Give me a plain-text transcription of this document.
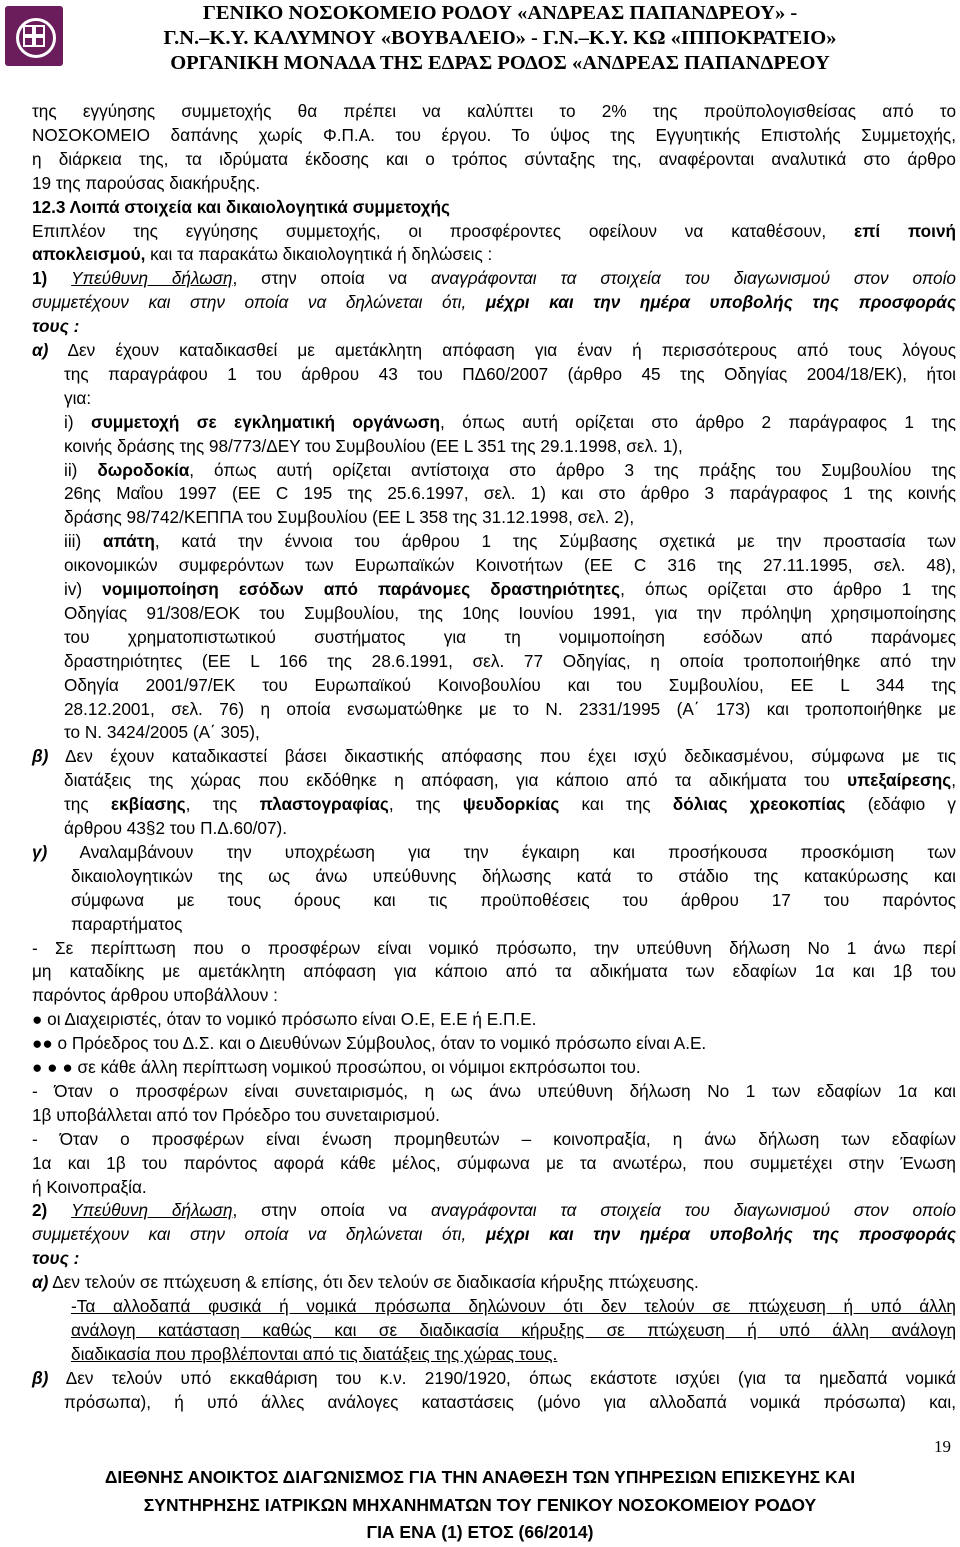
ΓΕΝΙΚΟ ΝΟΣΟΚΟΜΕΙΟ ΡΟΔΟΥ «ΑΝΔΡΕΑΣ ΠΑΠΑΝΔΡΕΟΥ» -
Γ.Ν.–Κ.Υ. ΚΑΛΥΜΝΟΥ «ΒΟΥΒΑΛΕΙΟ» - Γ.Ν.–Κ.Υ. ΚΩ «ΙΠΠΟΚΡΑΤΕΙΟ»
ΟΡΓΑΝΙΚΗ ΜΟΝΑΔΑ ΤΗΣ ΕΔΡΑΣ ΡΟΔΟΣ «ΑΝΔΡΕΑΣ ΠΑΠΑΝΔΡΕΟΥ
της εγγύησης συμμετοχής θα πρέπει να καλύπτει το 2% της προϋπολογισθείσας από το
ΝΟΣΟΚΟΜΕΙΟ δαπάνης χωρίς Φ.Π.Α. του έργου. Το ύψος της Εγγυητικής Επιστολής Συμμετοχής,
η διάρκεια της, τα ιδρύματα έκδοσης και ο τρόπος σύνταξης της, αναφέρονται αναλυτικά στο άρθρο
19 της παρούσας διακήρυξης.
12.3 Λοιπά στοιχεία και δικαιολογητικά συμμετοχής
Επιπλέον της εγγύησης συμμετοχής, οι προσφέροντες οφείλουν να καταθέσουν, επί ποινή
αποκλεισμού, και τα παρακάτω δικαιολογητικά ή δηλώσεις :
1) Υπεύθυνη δήλωση, στην οποία να αναγράφονται τα στοιχεία του διαγωνισμού στον οποίο
συμμετέχουν και στην οποία να δηλώνεται ότι, μέχρι και την ημέρα υποβολής της προσφοράς
τους :
α) Δεν έχουν καταδικασθεί με αμετάκλητη απόφαση για έναν ή περισσότερους από τους λόγους
της παραγράφου 1 του άρθρου 43 του ΠΔ60/2007 (άρθρο 45 της Οδηγίας 2004/18/ΕΚ), ήτοι
για:
i) συμμετοχή σε εγκληματική οργάνωση, όπως αυτή ορίζεται στο άρθρο 2 παράγραφος 1 της
κοινής δράσης της 98/773/ΔΕΥ του Συμβουλίου (ΕΕ L 351 της 29.1.1998, σελ. 1),
ii) δωροδοκία, όπως αυτή ορίζεται αντίστοιχα στο άρθρο 3 της πράξης του Συμβουλίου της
26ης Μαΐου 1997 (ΕΕ C 195 της 25.6.1997, σελ. 1) και στο άρθρο 3 παράγραφος 1 της κοινής
δράσης 98/742/ΚΕΠΠΑ του Συμβουλίου (ΕΕ L 358 της 31.12.1998, σελ. 2),
iii) απάτη, κατά την έννοια του άρθρου 1 της Σύμβασης σχετικά με την προστασία των
οικονομικών συμφερόντων των Ευρωπαϊκών Κοινοτήτων (ΕΕ C 316 της 27.11.1995, σελ. 48),
iv) νομιμοποίηση εσόδων από παράνομες δραστηριότητες, όπως ορίζεται στο άρθρο 1 της
Οδηγίας 91/308/ΕΟΚ του Συμβουλίου, της 10ης Ιουνίου 1991, για την πρόληψη χρησιμοποίησης
του χρηματοπιστωτικού συστήματος για τη νομιμοποίηση εσόδων από παράνομες
δραστηριότητες (ΕΕ L 166 της 28.6.1991, σελ. 77 Οδηγίας, η οποία τροποποιήθηκε από την
Οδηγία 2001/97/ΕΚ του Ευρωπαϊκού Κοινοβουλίου και του Συμβουλίου, ΕΕ L 344 της
28.12.2001, σελ. 76) η οποία ενσωματώθηκε με το Ν. 2331/1995 (Α΄ 173) και τροποποιήθηκε με
το Ν. 3424/2005 (Α΄ 305),
β) Δεν έχουν καταδικαστεί βάσει δικαστικής απόφασης που έχει ισχύ δεδικασμένου, σύμφωνα με τις
διατάξεις της χώρας που εκδόθηκε η απόφαση, για κάποιο από τα αδικήματα του υπεξαίρεσης,
της εκβίασης, της πλαστογραφίας, της ψευδορκίας και της δόλιας χρεοκοπίας (εδάφιο γ
άρθρου 43§2 του Π.Δ.60/07).
γ) Αναλαμβάνουν την υποχρέωση για την έγκαιρη και προσήκουσα προσκόμιση των
δικαιολογητικών της ως άνω υπεύθυνης δήλωσης κατά το στάδιο της κατακύρωσης και
σύμφωνα με τους όρους και τις προϋποθέσεις του άρθρου 17 του παρόντος
παραρτήματος
- Σε περίπτωση που ο προσφέρων είναι νομικό πρόσωπο, την υπεύθυνη δήλωση Νο 1 άνω περί
μη καταδίκης με αμετάκλητη απόφαση για κάποιο από τα αδικήματα των εδαφίων 1α και 1β του
παρόντος άρθρου υποβάλλουν :
● οι Διαχειριστές, όταν το νομικό πρόσωπο είναι Ο.Ε, Ε.Ε ή Ε.Π.Ε.
●● ο Πρόεδρος του Δ.Σ. και ο Διευθύνων Σύμβουλος, όταν το νομικό πρόσωπο είναι Α.Ε.
● ● ● σε κάθε άλλη περίπτωση νομικού προσώπου, οι νόμιμοι εκπρόσωποι του.
- Όταν ο προσφέρων είναι συνεταιρισμός, η ως άνω υπεύθυνη δήλωση Νο 1 των εδαφίων 1α και
1β υποβάλλεται από τον Πρόεδρο του συνεταιρισμού.
- Όταν ο προσφέρων είναι ένωση προμηθευτών – κοινοπραξία, η άνω δήλωση των εδαφίων
1α και 1β του παρόντος αφορά κάθε μέλος, σύμφωνα με τα ανωτέρω, που συμμετέχει στην Ένωση
ή Κοινοπραξία.
2) Υπεύθυνη δήλωση, στην οποία να αναγράφονται τα στοιχεία του διαγωνισμού στον οποίο
συμμετέχουν και στην οποία να δηλώνεται ότι, μέχρι και την ημέρα υποβολής της προσφοράς
τους :
α) Δεν τελούν σε πτώχευση & επίσης, ότι δεν τελούν σε διαδικασία κήρυξης πτώχευσης.
-Τα αλλοδαπά φυσικά ή νομικά πρόσωπα δηλώνουν ότι δεν τελούν σε πτώχευση ή υπό άλλη
ανάλογη κατάσταση καθώς και σε διαδικασία κήρυξης σε πτώχευση ή υπό άλλη ανάλογη
διαδικασία που προβλέπονται από τις διατάξεις της χώρας τους.
β) Δεν τελούν υπό εκκαθάριση του κ.ν. 2190/1920, όπως εκάστοτε ισχύει (για τα ημεδαπά νομικά
πρόσωπα), ή υπό άλλες ανάλογες καταστάσεις (μόνο για αλλοδαπά νομικά πρόσωπα) και,
19
ΔΙΕΘΝΗΣ ΑΝΟΙΚΤΟΣ ΔΙΑΓΩΝΙΣΜΟΣ ΓΙΑ ΤΗΝ ΑΝΑΘΕΣΗ ΤΩΝ ΥΠΗΡΕΣΙΩΝ ΕΠΙΣΚΕΥΗΣ ΚΑΙ
ΣΥΝΤΗΡΗΣΗΣ ΙΑΤΡΙΚΩΝ ΜΗΧΑΝΗΜΑΤΩΝ ΤΟΥ ΓΕΝΙΚΟΥ ΝΟΣΟΚΟΜΕΙΟΥ ΡΟΔΟΥ
ΓΙΑ ΕΝΑ (1) ΕΤΟΣ (66/2014)
